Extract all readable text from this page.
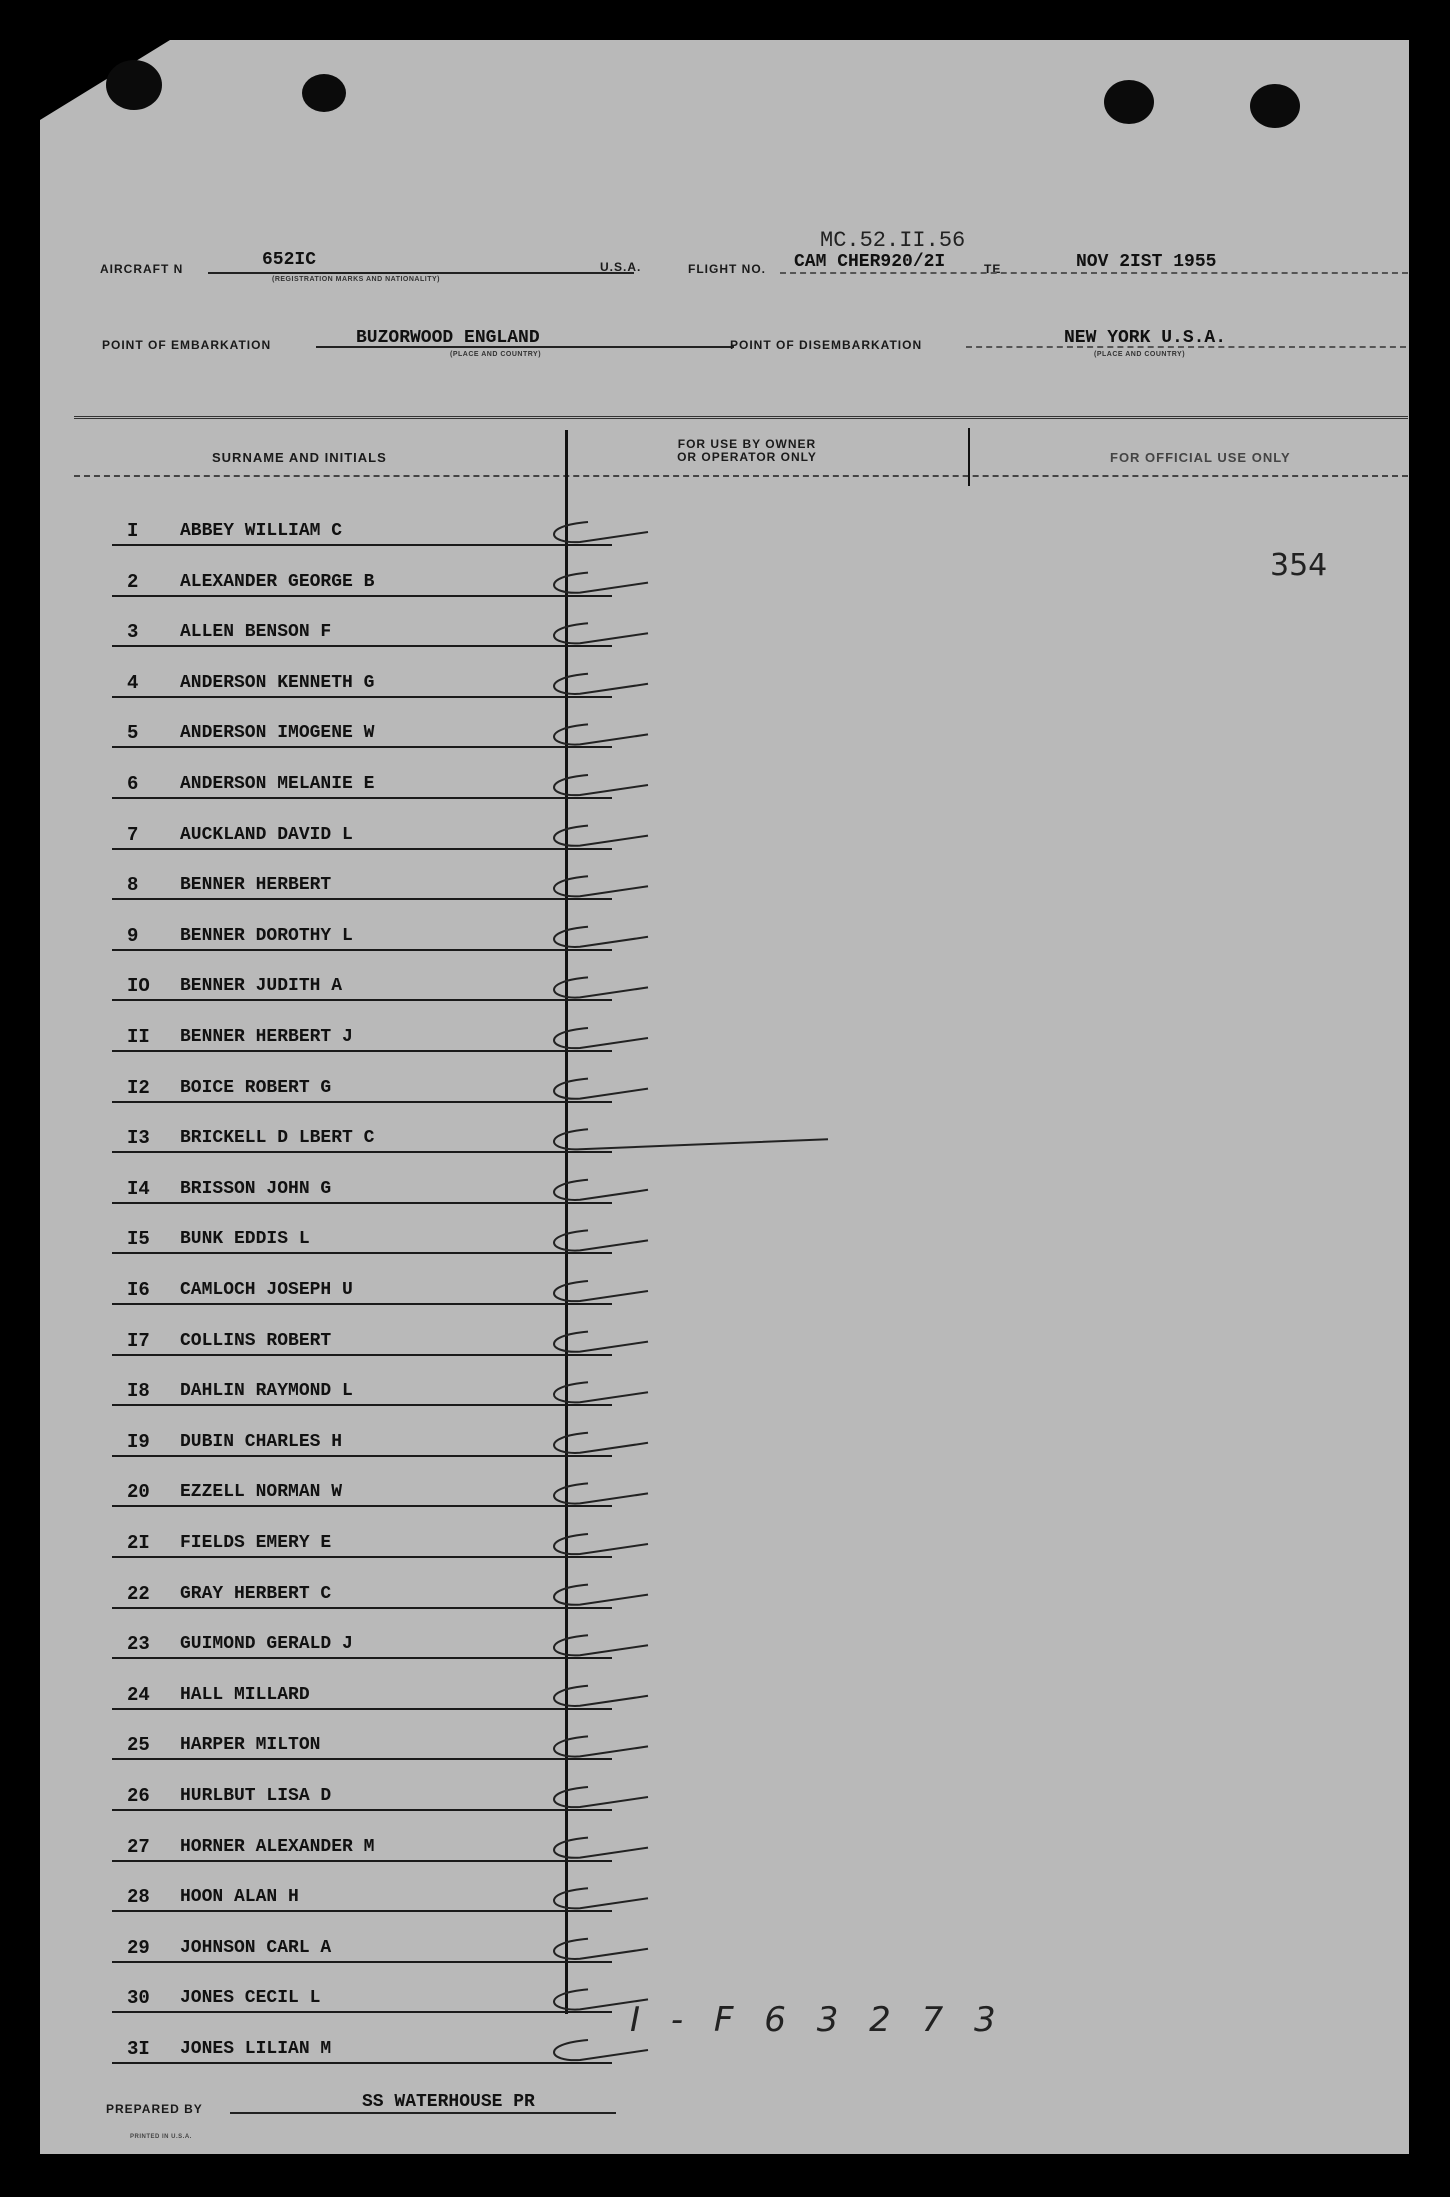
AIRCRAFT N	652IC
(REGISTRATION MARKS AND NATIONALITY)
U.S.A.	FLIGHT NO.
MC.52.II.56
CAM CHER920/2I	TE	NOV 2IST 1955
POINT OF EMBARKATION	BUZORWOOD ENGLAND
(PLACE AND COUNTRY)
POINT OF DISEMBARKATION	NEW YORK U.S.A.
(PLACE AND COUNTRY)
SURNAME AND INITIALS
FOR USE BY OWNER OR OPERATOR ONLY	FOR OFFICIAL USE ONLY
354
I	ABBEY WILLIAM C
2	ALEXANDER GEORGE B
3	ALLEN BENSON F
4	ANDERSON KENNETH G
5	ANDERSON IMOGENE W
6	ANDERSON MELANIE E
7	AUCKLAND DAVID L
8	BENNER HERBERT
9	BENNER DOROTHY L
IO	BENNER JUDITH A
II	BENNER HERBERT J
I2	BOICE ROBERT G
I3	BRICKELL D LBERT C
I4	BRISSON JOHN G
I5	BUNK EDDIS L
I6	CAMLOCH JOSEPH U
I7	COLLINS ROBERT
I8	DAHLIN RAYMOND L
I9	DUBIN CHARLES H
20	EZZELL NORMAN W
2I	FIELDS EMERY E
22	GRAY HERBERT C
23	GUIMOND GERALD J
24	HALL MILLARD
25	HARPER MILTON
26	HURLBUT LISA D
27	HORNER ALEXANDER M
28	HOON ALAN H
29	JOHNSON CARL A
30	JONES CECIL L
3I	JONES LILIAN M
I - F 6 3 2 7 3
PREPARED BY	SS WATERHOUSE PR
PRINTED IN U.S.A.
